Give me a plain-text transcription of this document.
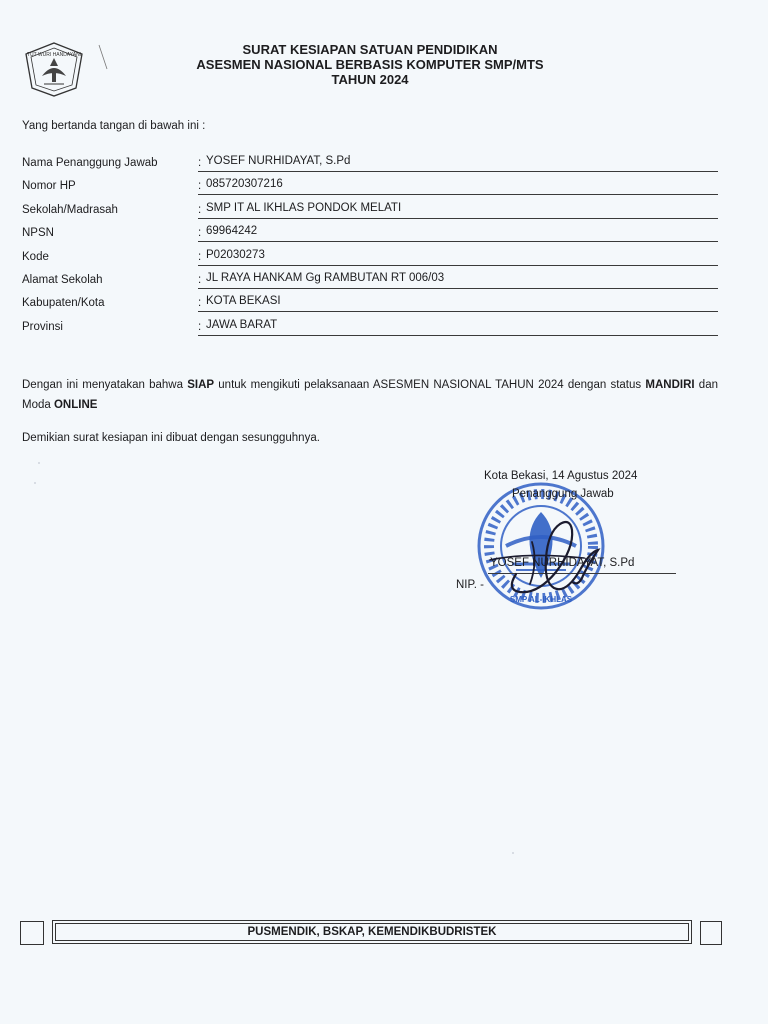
TUT WURI HANDAYANI	SURAT KESIAPAN SATUAN PENDIDIKAN
ASESMEN NASIONAL BERBASIS KOMPUTER SMP/MTS
TAHUN 2024
Yang bertanda tangan di bawah ini :
Nama Penanggung Jawab	: YOSEF NURHIDAYAT, S.Pd
Nomor HP	: 085720307216
Sekolah/Madrasah	: SMP IT AL IKHLAS PONDOK MELATI
NPSN	: 69964242
Kode	: P02030273
Alamat Sekolah	: JL RAYA HANKAM Gg RAMBUTAN RT 006/03
Kabupaten/Kota	: KOTA BEKASI
Provinsi	: JAWA BARAT
Dengan ini menyatakan bahwa SIAP untuk mengikuti pelaksanaan ASESMEN NASIONAL TAHUN 2024 dengan status MANDIRI dan Moda ONLINE
Demikian surat kesiapan ini dibuat dengan sesungguhnya.
SMP AL-IKHLAS
Kota Bekasi, 14 Agustus 2024
Penanggung Jawab
YOSEF NURHIDAYAT, S.Pd
NIP. -
PUSMENDIK, BSKAP, KEMENDIKBUDRISTEK
